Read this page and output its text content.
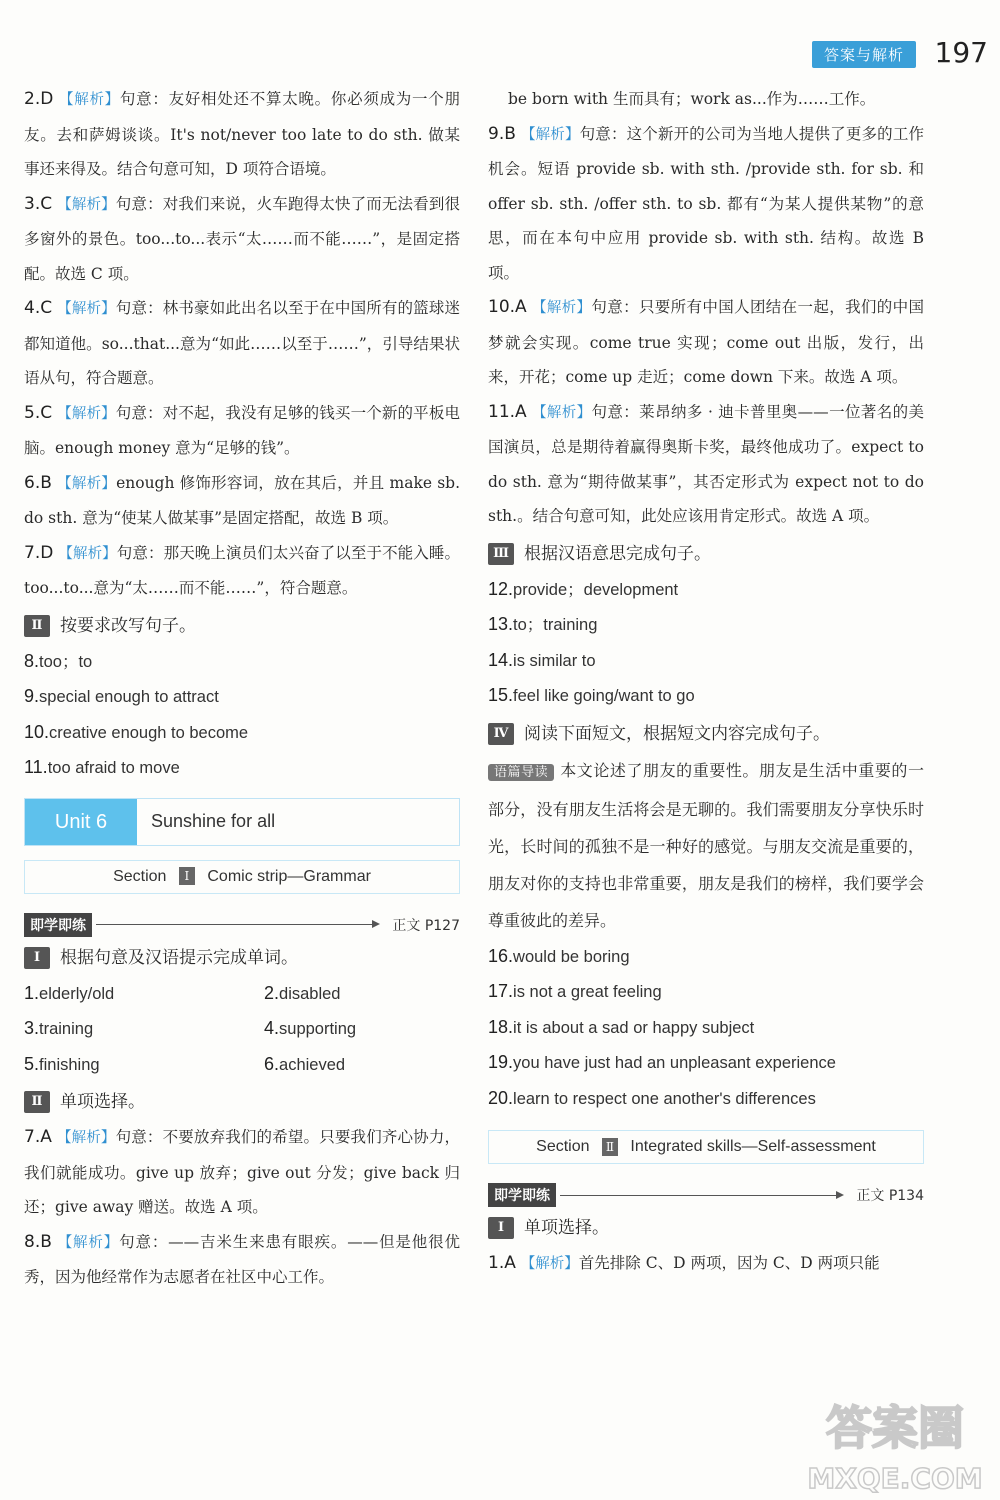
答案与解析	197
2.D 【解析】句意：友好相处还不算太晚。你必须成为一个朋友。去和萨姆谈谈。It's not/never too late to do sth. 做某事还来得及。结合句意可知，D 项符合语境。
3.C 【解析】句意：对我们来说，火车跑得太快了而无法看到很多窗外的景色。too...to...表示“太……而不能……”，是固定搭配。故选 C 项。
4.C 【解析】句意：林书豪如此出名以至于在中国所有的篮球迷都知道他。so...that...意为“如此……以至于……”，引导结果状语从句，符合题意。
5.C 【解析】句意：对不起，我没有足够的钱买一个新的平板电脑。enough money 意为“足够的钱”。
6.B 【解析】enough 修饰形容词，放在其后，并且 make sb. do sth. 意为“使某人做某事”是固定搭配，故选 B 项。
7.D 【解析】句意：那天晚上演员们太兴奋了以至于不能入睡。too...to...意为“太……而不能……”，符合题意。
Ⅱ	按要求改写句子。
8.too；to
9.special enough to attract
10.creative enough to become
11.too afraid to move
Unit 6	Sunshine for all
Section Ⅰ Comic strip—Grammar
即学即练	正文 P127
Ⅰ	根据句意及汉语提示完成单词。
1.elderly/old	2.disabled
3.training	4.supporting
5.finishing	6.achieved
Ⅱ	单项选择。
7.A 【解析】句意：不要放弃我们的希望。只要我们齐心协力，我们就能成功。give up 放弃；give out 分发；give back 归还；give away 赠送。故选 A 项。
8.B 【解析】句意：——吉米生来患有眼疾。——但是他很优秀，因为他经常作为志愿者在社区中心工作。
be born with 生而具有；work as...作为……工作。
9.B 【解析】句意：这个新开的公司为当地人提供了更多的工作机会。短语 provide sb. with sth. /provide sth. for sb. 和 offer sb. sth. /offer sth. to sb. 都有“为某人提供某物”的意思，而在本句中应用 provide sb. with sth. 结构。故选 B 项。
10.A 【解析】句意：只要所有中国人团结在一起，我们的中国梦就会实现。come true 实现；come out 出版，发行，出来，开花；come up 走近；come down 下来。故选 A 项。
11.A 【解析】句意：莱昂纳多 · 迪卡普里奥——一位著名的美国演员，总是期待着赢得奥斯卡奖，最终他成功了。expect to do sth. 意为“期待做某事”，其否定形式为 expect not to do sth.。结合句意可知，此处应该用肯定形式。故选 A 项。
Ⅲ 根据汉语意思完成句子。
12.provide；development
13.to；training
14.is similar to
15.feel like going/want to go
Ⅳ 阅读下面短文，根据短文内容完成句子。
语篇导读 本文论述了朋友的重要性。朋友是生活中重要的一部分，没有朋友生活将会是无聊的。我们需要朋友分享快乐时光，长时间的孤独不是一种好的感觉。与朋友交流是重要的，朋友对你的支持也非常重要，朋友是我们的榜样，我们要学会尊重彼此的差异。
16.would be boring
17.is not a great feeling
18.it is about a sad or happy subject
19.you have just had an unpleasant experience
20.learn to respect one another's differences
Section Ⅱ Integrated skills—Self-assessment
即学即练	正文 P134
Ⅰ	单项选择。
1.A 【解析】首先排除 C、D 两项，因为 C、D 两项只能
答案圈
MXQE.COM
